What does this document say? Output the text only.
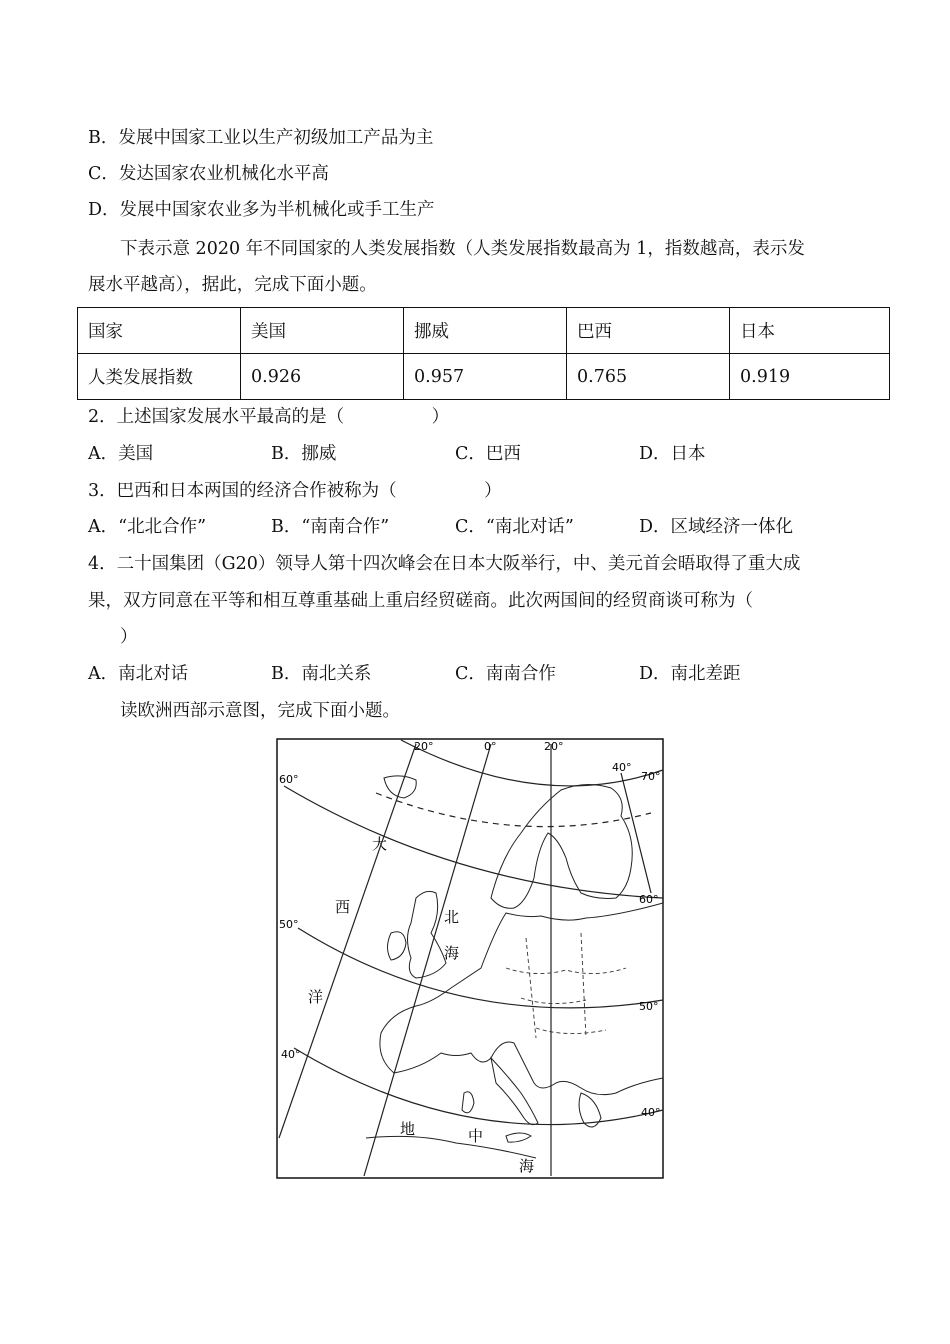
B．发展中国家工业以生产初级加工产品为主
C．发达国家农业机械化水平高
D．发展中国家农业多为半机械化或手工生产
下表示意 2020 年不同国家的人类发展指数（人类发展指数最高为 1，指数越高，表示发
展水平越高），据此，完成下面小题。
国家	美国	挪威	巴西	日本
人类发展指数	0.926	0.957	0.765	0.919
2．上述国家发展水平最高的是（　　　　　）
A．美国	B．挪威	C．巴西	D．日本
3．巴西和日本两国的经济合作被称为（　　　　　）
A．“北北合作”	B．“南南合作”	C．“南北对话”	D．区域经济一体化
4．二十国集团（G20）领导人第十四次峰会在日本大阪举行，中、美元首会晤取得了重大成
果，双方同意在平等和相互尊重基础上重启经贸磋商。此次两国间的经贸商谈可称为（
）
A．南北对话	B．南北关系	C．南南合作	D．南北差距
读欧洲西部示意图，完成下面小题。
20°	0°	20°
40°
60°
50°
40°
70°
60°
50°
40°
大
西
洋
北
海
地	中
海
